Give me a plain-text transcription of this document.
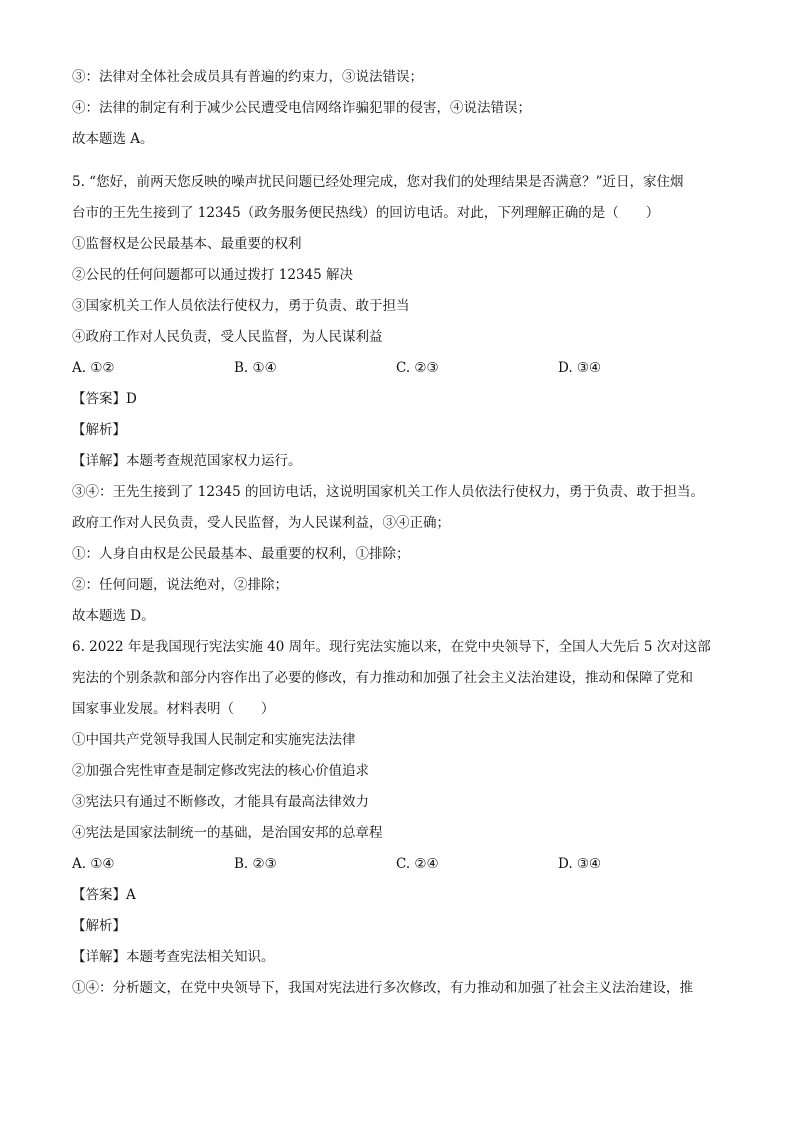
③：法律对全体社会成员具有普遍的约束力，③说法错误；
④：法律的制定有利于减少公民遭受电信网络诈骗犯罪的侵害，④说法错误；
故本题选 A。
5. “您好，前两天您反映的噪声扰民问题已经处理完成，您对我们的处理结果是否满意？”近日，家住烟
台市的王先生接到了 12345（政务服务便民热线）的回访电话。对此，下列理解正确的是（　　）
①监督权是公民最基本、最重要的权利
②公民的任何问题都可以通过拨打 12345 解决
③国家机关工作人员依法行使权力，勇于负责、敢于担当
④政府工作对人民负责，受人民监督，为人民谋利益
A. ①②	B. ①④	C. ②③	D. ③④
【答案】D
【解析】
【详解】本题考查规范国家权力运行。
③④：王先生接到了 12345 的回访电话，这说明国家机关工作人员依法行使权力，勇于负责、敢于担当。
政府工作对人民负责，受人民监督，为人民谋利益，③④正确；
①：人身自由权是公民最基本、最重要的权利，①排除；
②：任何问题，说法绝对，②排除；
故本题选 D。
6. 2022 年是我国现行宪法实施 40 周年。现行宪法实施以来，在党中央领导下，全国人大先后 5 次对这部
宪法的个别条款和部分内容作出了必要的修改，有力推动和加强了社会主义法治建设，推动和保障了党和
国家事业发展。材料表明（　　）
①中国共产党领导我国人民制定和实施宪法法律
②加强合宪性审查是制定修改宪法的核心价值追求
③宪法只有通过不断修改，才能具有最高法律效力
④宪法是国家法制统一的基础，是治国安邦的总章程
A. ①④	B. ②③	C. ②④	D. ③④
【答案】A
【解析】
【详解】本题考查宪法相关知识。
①④：分析题文，在党中央领导下，我国对宪法进行多次修改，有力推动和加强了社会主义法治建设，推
